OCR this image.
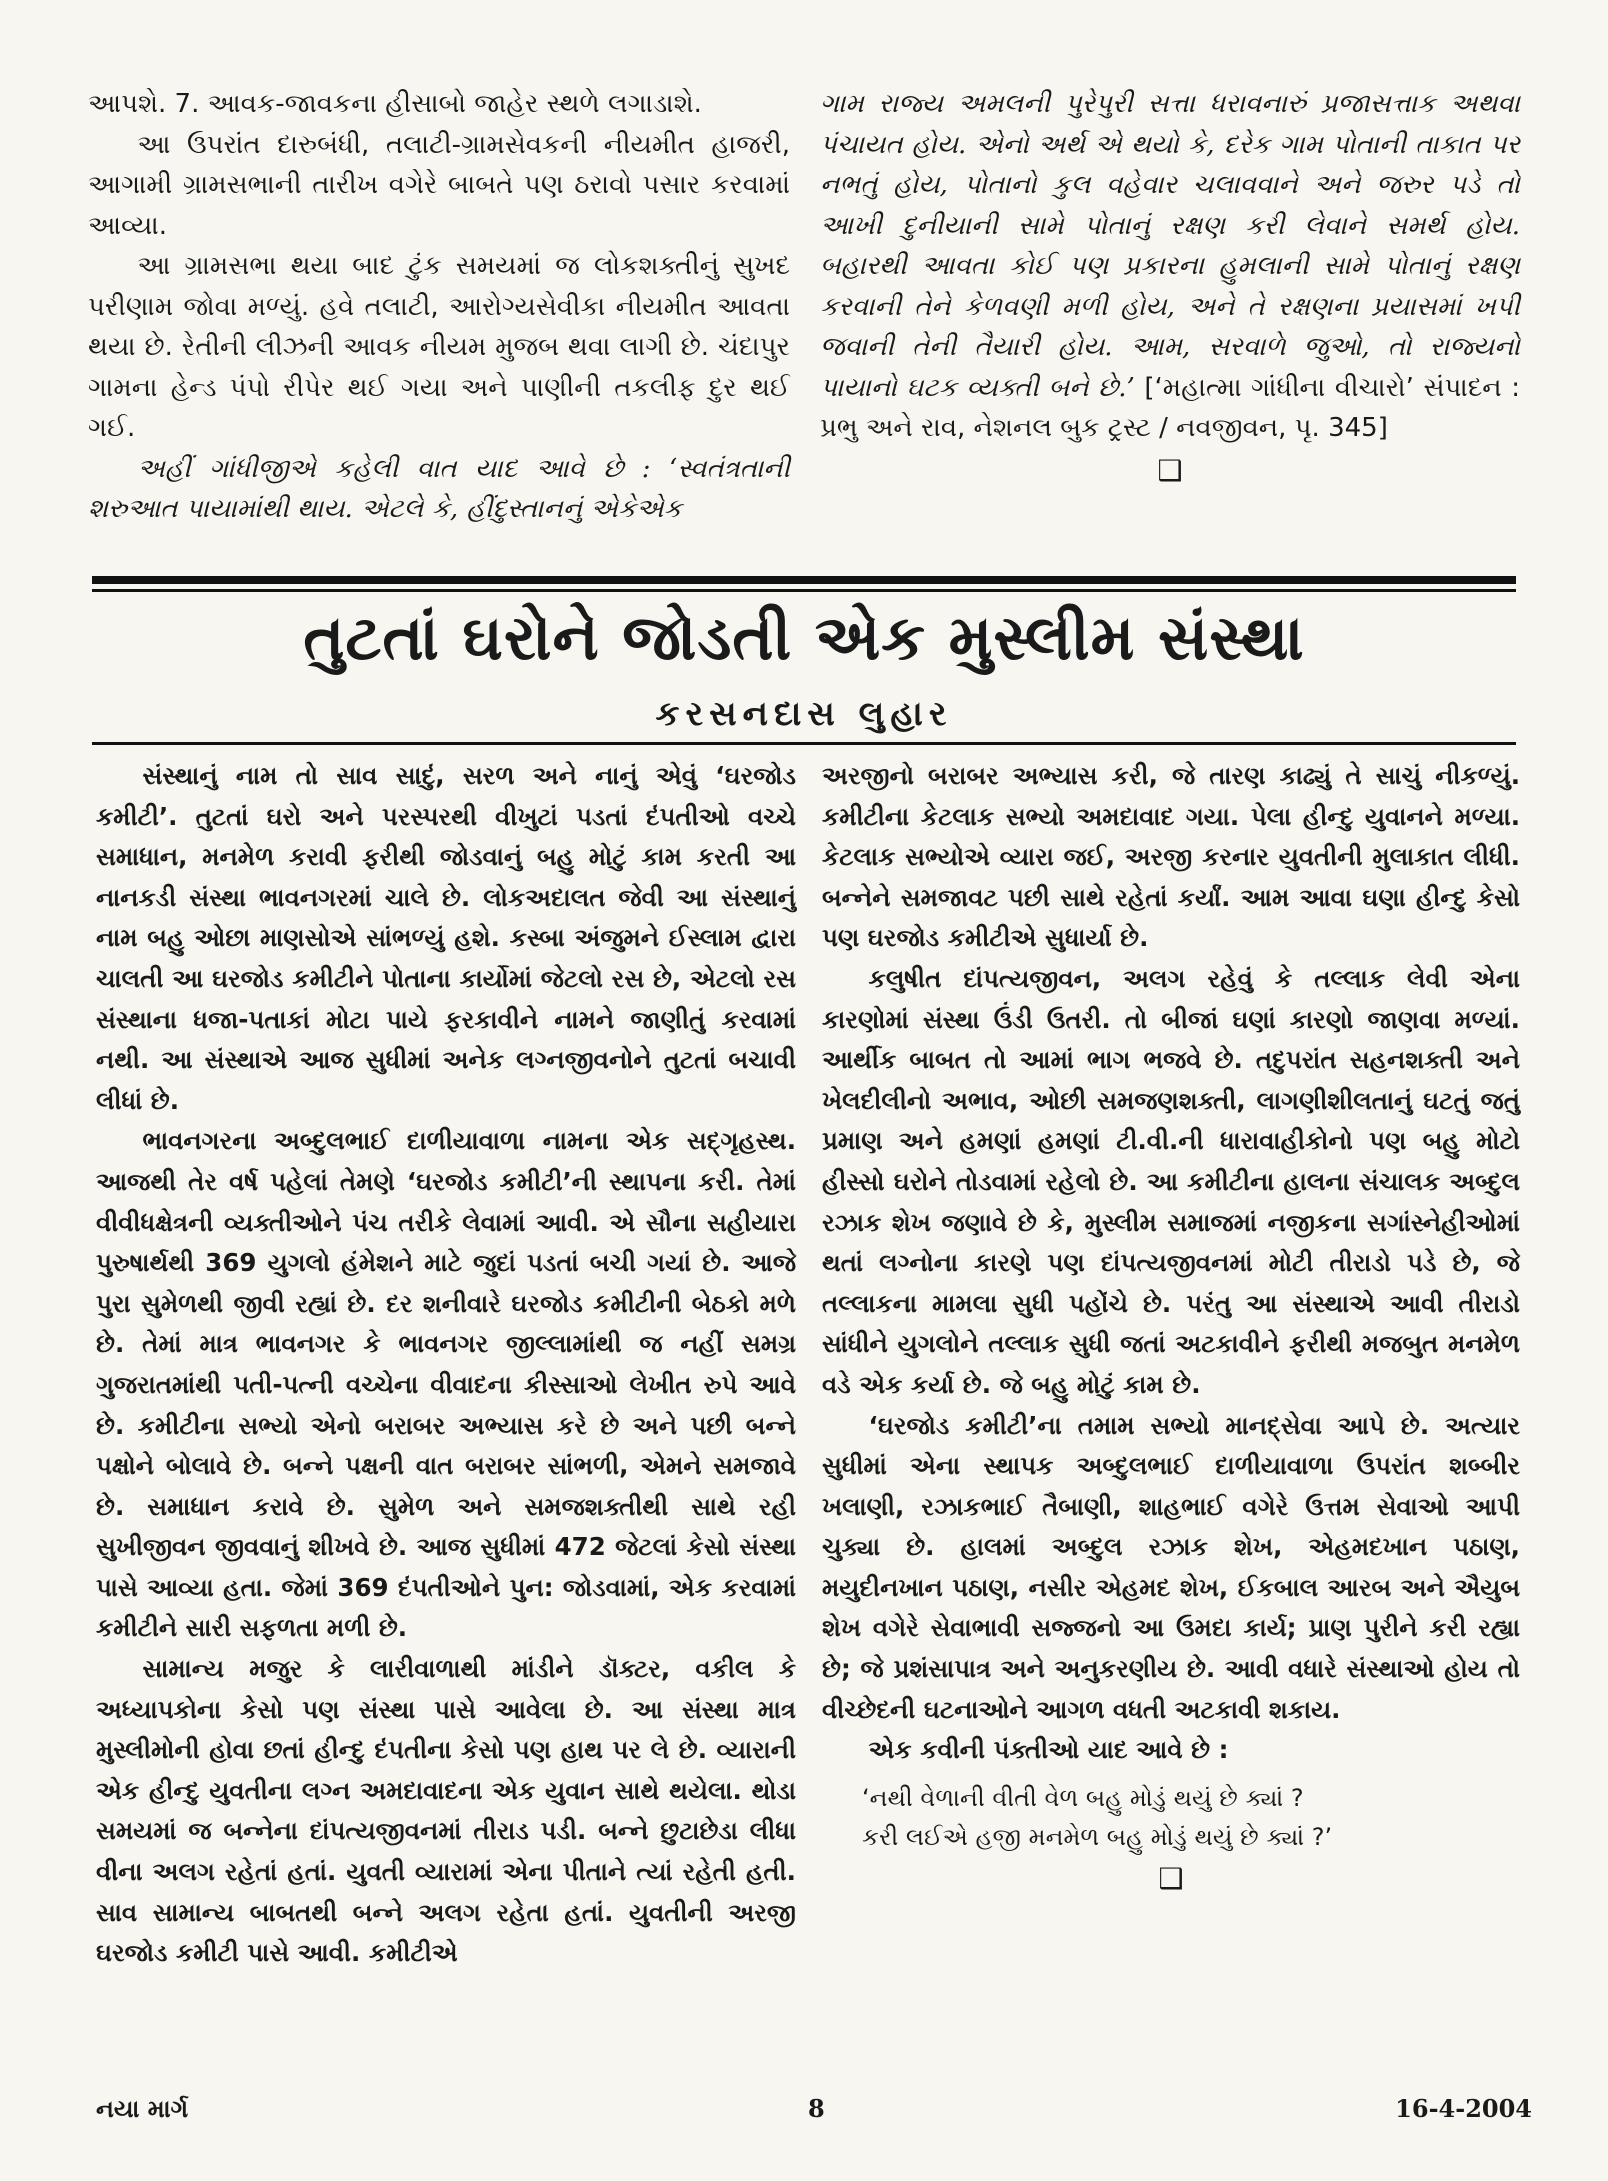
આપશે. 7. આવક-જાવકના હીસાબો જાહેર સ્થળે લગાડાશે.

આ ઉપરાંત દારુબંધી, તલાટી-ગ્રામસેવકની નીયમીત હાજરી, આગામી ગ્રામસભાની તારીખ વગેરે બાબતે પણ ઠરાવો પસાર કરવામાં આવ્યા.

આ ગ્રામસભા થયા બાદ ટુંક સમયમાં જ લોકશક્તીનું સુખદ પરીણામ જોવા મળ્યું. હવે તલાટી, આરોગ્યસેવીકા નીયમીત આવતા થયા છે. રેતીની લીઝની આવક નીયમ મુજબ થવા લાગી છે. ચંદાપુર ગામના હેન્ડ પંપો રીપેર થઈ ગયા અને પાણીની તકલીફ દુર થઈ ગઈ.

અહીં ગાંધીજીએ કહેલી વાત યાદ આવે છે : ‘સ્વતંત્રતાની શરુઆત પાયામાંથી થાય. એટલે કે, હીંદુસ્તાનનું એકેએક

ગામ રાજ્ય અમલની પુરેપુરી સત્તા ધરાવનારું પ્રજાસત્તાક અથવા પંચાયત હોય. એનો અર્થ એ થયો કે, દરેક ગામ પોતાની તાકાત પર નભતું હોય, પોતાનો કુલ વહેવાર ચલાવવાને અને જરુર પડે તો આખી દુનીયાની સામે પોતાનું રક્ષણ કરી લેવાને સમર્થ હોય. બહારથી આવતા કોઈ પણ પ્રકારના હુમલાની સામે પોતાનું રક્ષણ કરવાની તેને કેળવણી મળી હોય, અને તે રક્ષણના પ્રયાસમાં ખપી જવાની તેની તૈયારી હોય. આમ, સરવાળે જુઓ, તો રાજ્યનો પાયાનો ઘટક વ્યક્તી બને છે.’ [‘મહાત્મા ગાંધીના વીચારો’ સંપાદન : પ્રભુ અને રાવ, નેશનલ બુક ટ્રસ્ટ / નવજીવન, પૃ. 345]

❑
તુટતાં ઘરોને જોડતી એક મુસ્લીમ સંસ્થા
કરસનદાસ લુહાર

સંસ્થાનું નામ તો સાવ સાદું, સરળ અને નાનું એવું ‘ઘરજોડ કમીટી’. તુટતાં ઘરો અને પરસ્પરથી વીખુટાં પડતાં દંપતીઓ વચ્ચે સમાધાન, મનમેળ કરાવી ફરીથી જોડવાનું બહુ મોટું કામ કરતી આ નાનકડી સંસ્થા ભાવનગરમાં ચાલે છે. લોકઅદાલત જેવી આ સંસ્થાનું નામ બહુ ઓછા માણસોએ સાંભળ્યું હશે. કસ્બા અંજુમને ઈસ્લામ દ્વારા ચાલતી આ ઘરજોડ કમીટીને પોતાના કાર્યોમાં જેટલો રસ છે, એટલો રસ સંસ્થાના ધજા-પતાકાં મોટા પાયે ફરકાવીને નામને જાણીતું કરવામાં નથી. આ સંસ્થાએ આજ સુધીમાં અનેક લગ્નજીવનોને તુટતાં બચાવી લીધાં છે.

ભાવનગરના અબ્દુલભાઈ દાળીયાવાળા નામના એક સદ્‌ગૃહસ્થ. આજથી તેર વર્ષ પહેલાં તેમણે ‘ઘરજોડ કમીટી’ની સ્થાપના કરી. તેમાં વીવીધક્ષેત્રની વ્યક્તીઓને પંચ તરીકે લેવામાં આવી. એ સૌના સહીયારા પુરુષાર્થથી 369 યુગલો હંમેશને માટે જુદાં પડતાં બચી ગયાં છે. આજે પુરા સુમેળથી જીવી રહ્યાં છે. દર શનીવારે ઘરજોડ કમીટીની બેઠકો મળે છે. તેમાં માત્ર ભાવનગર કે ભાવનગર જીલ્લામાંથી જ નહીં સમગ્ર ગુજરાતમાંથી પતી-પત્ની વચ્ચેના વીવાદના કીસ્સાઓ લેખીત રુપે આવે છે. કમીટીના સભ્યો એનો બરાબર અભ્યાસ કરે છે અને પછી બન્ને પક્ષોને બોલાવે છે. બન્ને પક્ષની વાત બરાબર સાંભળી, એમને સમજાવે છે. સમાધાન કરાવે છે. સુમેળ અને સમજશક્તીથી સાથે રહી સુખીજીવન જીવવાનું શીખવે છે. આજ સુધીમાં 472 જેટલાં કેસો સંસ્થા પાસે આવ્યા હતા. જેમાં 369 દંપતીઓને પુન: જોડવામાં, એક કરવામાં કમીટીને સારી સફળતા મળી છે.

સામાન્ય મજુર કે લારીવાળાથી માંડીને ડૉક્ટર, વકીલ કે અધ્યાપકોના કેસો પણ સંસ્થા પાસે આવેલા છે. આ સંસ્થા માત્ર મુસ્લીમોની હોવા છતાં હીન્દુ દંપતીના કેસો પણ હાથ પર લે છે. વ્યારાની એક હીન્દુ યુવતીના લગ્ન અમદાવાદના એક યુવાન સાથે થયેલા. થોડા સમયમાં જ બન્નેના દાંપત્યજીવનમાં તીરાડ પડી. બન્ને છુટાછેડા લીધા વીના અલગ રહેતાં હતાં. યુવતી વ્યારામાં એના પીતાને ત્યાં રહેતી હતી. સાવ સામાન્ય બાબતથી બન્ને અલગ રહેતા હતાં. યુવતીની અરજી ઘરજોડ કમીટી પાસે આવી. કમીટીએ

અરજીનો બરાબર અભ્યાસ કરી, જે તારણ કાઢ્યું તે સાચું નીકળ્યું. કમીટીના કેટલાક સભ્યો અમદાવાદ ગયા. પેલા હીન્દુ યુવાનને મળ્યા. કેટલાક સભ્યોએ વ્યારા જઈ, અરજી કરનાર યુવતીની મુલાકાત લીધી. બન્નેને સમજાવટ પછી સાથે રહેતાં કર્યાં. આમ આવા ઘણા હીન્દુ કેસો પણ ઘરજોડ કમીટીએ સુધાર્યા છે.

કલુષીત દાંપત્યજીવન, અલગ રહેવું કે તલ્લાક લેવી એના કારણોમાં સંસ્થા ઉંડી ઉતરી. તો બીજાં ઘણાં કારણો જાણવા મળ્યાં. આર્થીક બાબત તો આમાં ભાગ ભજવે છે. તદુપરાંત સહનશક્તી અને ખેલદીલીનો અભાવ, ઓછી સમજણશક્તી, લાગણીશીલતાનું ઘટતું જતું પ્રમાણ અને હમણાં હમણાં ટી.વી.ની ધારાવાહીકોનો પણ બહુ મોટો હીસ્સો ઘરોને તોડવામાં રહેલો છે. આ કમીટીના હાલના સંચાલક અબ્દુલ રઝાક શેખ જણાવે છે કે, મુસ્લીમ સમાજમાં નજીકના સગાંસ્નેહીઓમાં થતાં લગ્નોના કારણે પણ દાંપત્યજીવનમાં મોટી તીરાડો પડે છે, જે તલ્લાકના મામલા સુધી પહોંચે છે. પરંતુ આ સંસ્થાએ આવી તીરાડો સાંધીને યુગલોને તલ્લાક સુધી જતાં અટકાવીને ફરીથી મજબુત મનમેળ વડે એક કર્યા છે. જે બહુ મોટું કામ છે.

‘ઘરજોડ કમીટી’ના તમામ સભ્યો માનદ્‌સેવા આપે છે. અત્યાર સુધીમાં એના સ્થાપક અબ્દુલભાઈ દાળીયાવાળા ઉપરાંત શબ્બીર ખલાણી, રઝાકભાઈ તૈબાણી, શાહભાઈ વગેરે ઉત્તમ સેવાઓ આપી ચુક્યા છે. હાલમાં અબ્દુલ રઝાક શેખ, એહમદખાન પઠાણ, મયુદીનખાન પઠાણ, નસીર એહમદ શેખ, ઈકબાલ આરબ અને ઐયુબ શેખ વગેરે સેવાભાવી સજ્જનો આ ઉમદા કાર્ય; પ્રાણ પુરીને કરી રહ્યા છે; જે પ્રશંસાપાત્ર અને અનુકરણીય છે. આવી વધારે સંસ્થાઓ હોય તો વીચ્છેદની ઘટનાઓને આગળ વધતી અટકાવી શકાય.

એક કવીની પંક્તીઓ યાદ આવે છે :

‘નથી વેળાની વીતી વેળ બહુ મોડું થયું છે ક્યાં ?

કરી લઈએ હજી મનમેળ બહુ મોડું થયું છે ક્યાં ?’

❑
નયા માર્ગ	8	16-4-2004
